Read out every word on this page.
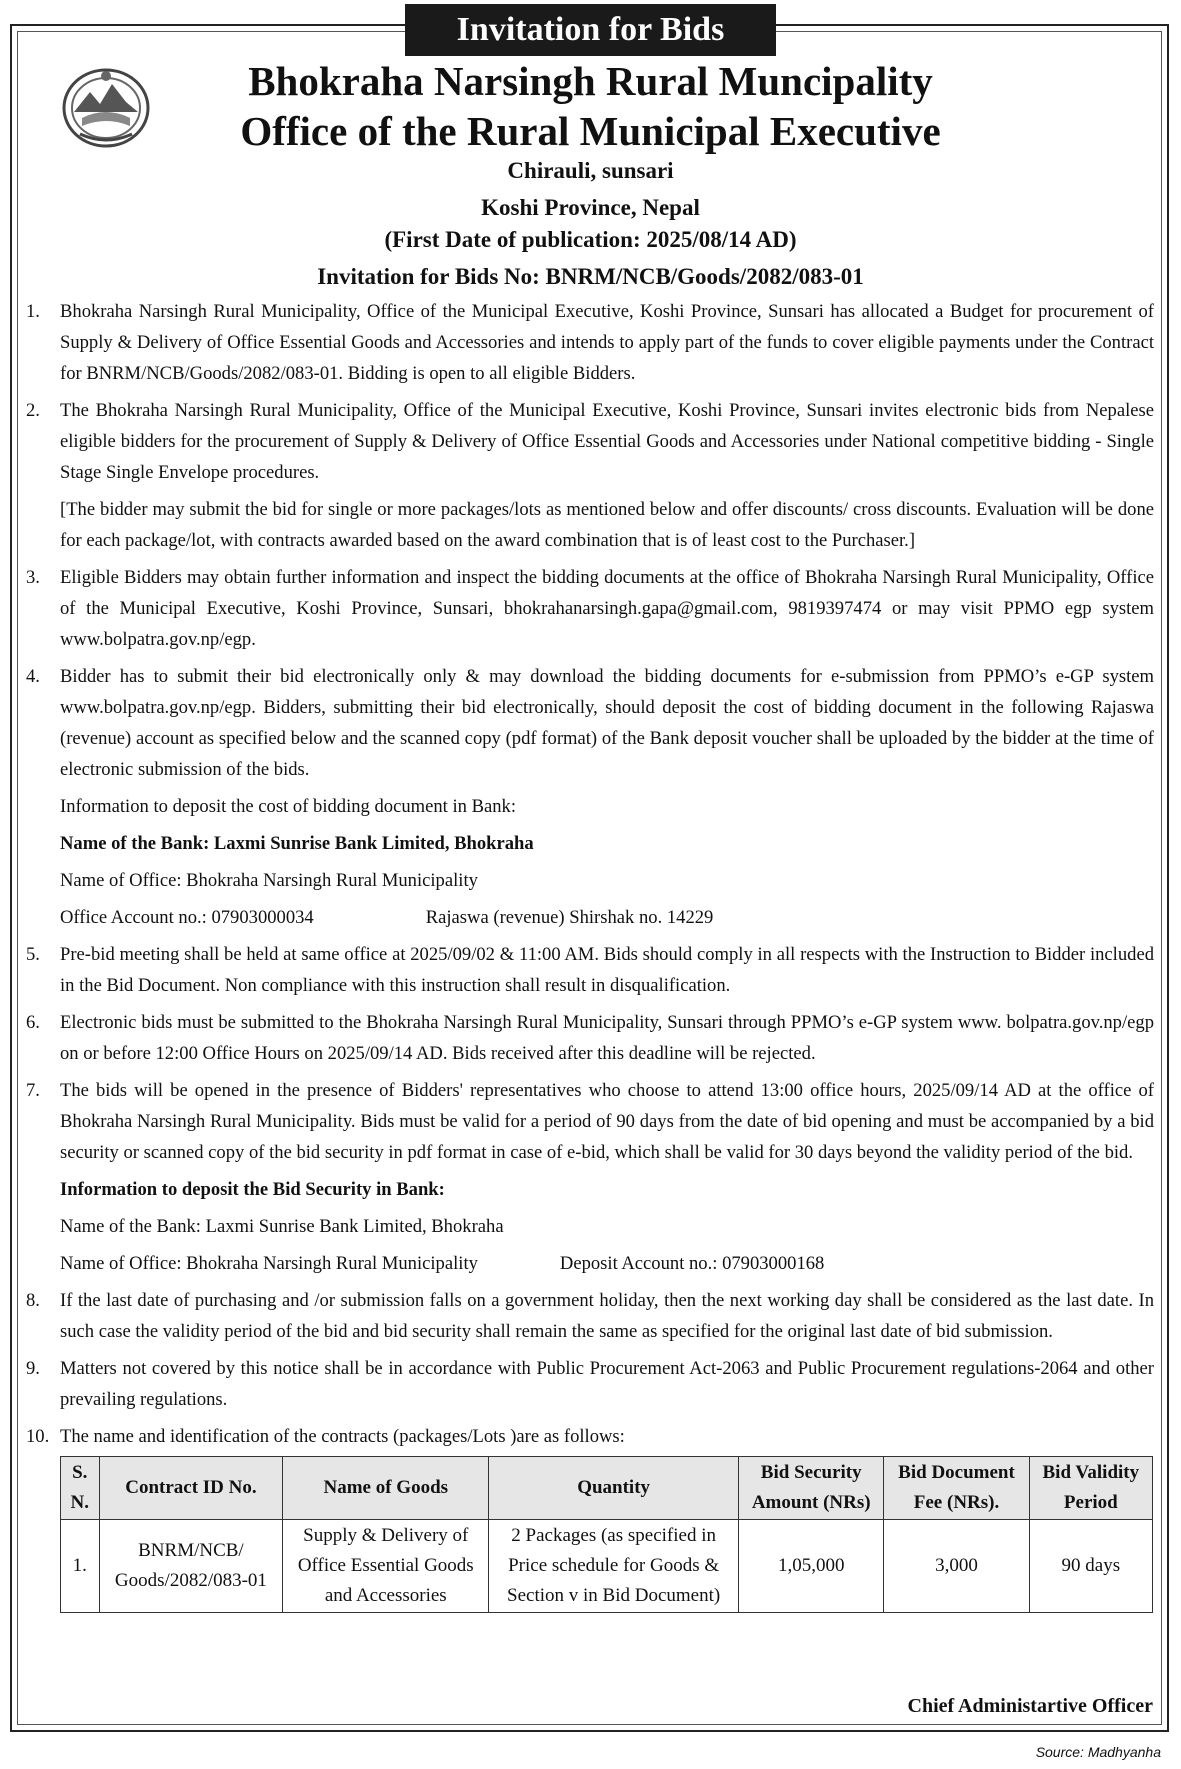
Invitation for Bids
Bhokraha Narsingh Rural Muncipality
Office of the Rural Municipal Executive
Chirauli, sunsari
Koshi Province, Nepal
(First Date of publication: 2025/08/14 AD)
Invitation for Bids No: BNRM/NCB/Goods/2082/083-01
1.	Bhokraha Narsingh Rural Municipality, Office of the Municipal Executive, Koshi Province, Sunsari has allocated a Budget for procurement of Supply & Delivery of Office Essential Goods and Accessories and intends to apply part of the funds to cover eligible payments under the Contract for BNRM/NCB/Goods/2082/083-01. Bidding is open to all eligible Bidders.
2.	The Bhokraha Narsingh Rural Municipality, Office of the Municipal Executive, Koshi Province, Sunsari invites electronic bids from Nepalese eligible bidders for the procurement of Supply & Delivery of Office Essential Goods and Accessories under National competitive bidding - Single Stage Single Envelope procedures.
[The bidder may submit the bid for single or more packages/lots as mentioned below and offer discounts/ cross discounts. Evaluation will be done for each package/lot, with contracts awarded based on the award combination that is of least cost to the Purchaser.]
3.	Eligible Bidders may obtain further information and inspect the bidding documents at the office of Bhokraha Narsingh Rural Municipality, Office of the Municipal Executive, Koshi Province, Sunsari, bhokrahanarsingh.gapa@gmail.com, 9819397474 or may visit PPMO egp system www.bolpatra.gov.np/egp.
4.	Bidder has to submit their bid electronically only & may download the bidding documents for e-submission from PPMO’s e-GP system www.bolpatra.gov.np/egp. Bidders, submitting their bid electronically, should deposit the cost of bidding document in the following Rajaswa (revenue) account as specified below and the scanned copy (pdf format) of the Bank deposit voucher shall be uploaded by the bidder at the time of electronic submission of the bids.
Information to deposit the cost of bidding document in Bank:
Name of the Bank: Laxmi Sunrise Bank Limited, Bhokraha
Name of Office: Bhokraha Narsingh Rural Municipality
Office Account no.: 07903000034	Rajaswa (revenue) Shirshak no. 14229
5.	Pre-bid meeting shall be held at same office at 2025/09/02 & 11:00 AM. Bids should comply in all respects with the Instruction to Bidder included in the Bid Document. Non compliance with this instruction shall result in disqualification.
6.	Electronic bids must be submitted to the Bhokraha Narsingh Rural Municipality, Sunsari through PPMO’s e-GP system www. bolpatra.gov.np/egp on or before 12:00 Office Hours on 2025/09/14 AD. Bids received after this deadline will be rejected.
7.	The bids will be opened in the presence of Bidders' representatives who choose to attend 13:00 office hours, 2025/09/14 AD at the office of Bhokraha Narsingh Rural Municipality. Bids must be valid for a period of 90 days from the date of bid opening and must be accompanied by a bid security or scanned copy of the bid security in pdf format in case of e-bid, which shall be valid for 30 days beyond the validity period of the bid.
Information to deposit the Bid Security in Bank:
Name of the Bank: Laxmi Sunrise Bank Limited, Bhokraha
Name of Office: Bhokraha Narsingh Rural Municipality	Deposit Account no.: 07903000168
8.	If the last date of purchasing and /or submission falls on a government holiday, then the next working day shall be considered as the last date. In such case the validity period of the bid and bid security shall remain the same as specified for the original last date of bid submission.
9.	Matters not covered by this notice shall be in accordance with Public Procurement Act-2063 and Public Procurement regulations-2064 and other prevailing regulations.
10. The name and identification of the contracts (packages/Lots )are as follows:
S. N.	Contract ID No.	Name of Goods	Quantity	Bid Security Amount (NRs)	Bid Document Fee (NRs).	Bid Validity Period
1.	BNRM/NCB/ Goods/2082/083-01	Supply & Delivery of Office Essential Goods and Accessories	2 Packages (as specified in Price schedule for Goods & Section v in Bid Document)	1,05,000	3,000	90 days
Chief Administartive Officer
Source: Madhyanha
